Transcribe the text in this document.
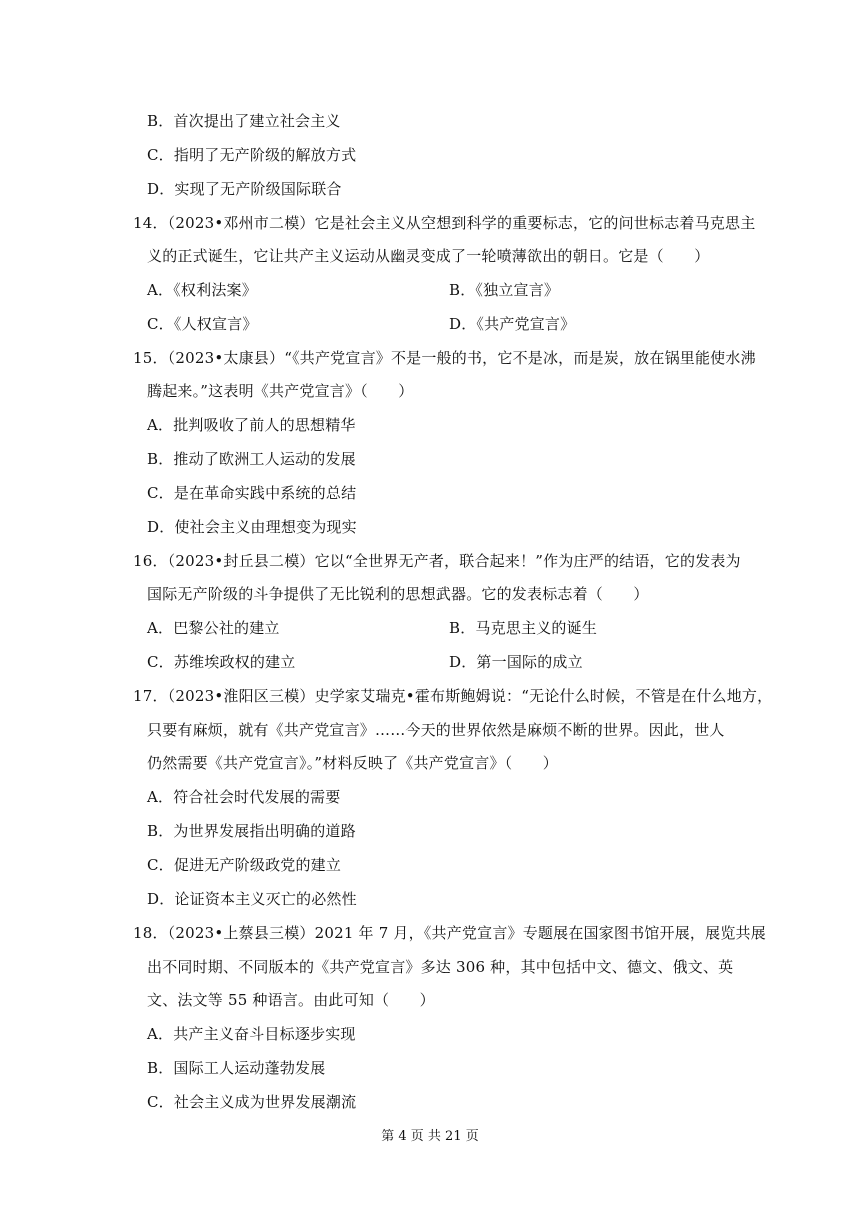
B．首次提出了建立社会主义
C．指明了无产阶级的解放方式
D．实现了无产阶级国际联合
14．（2023•邓州市二模）它是社会主义从空想到科学的重要标志，它的问世标志着马克思主
义的正式诞生，它让共产主义运动从幽灵变成了一轮喷薄欲出的朝日。它是（　　）
A．《权利法案》	B．《独立宣言》
C．《人权宣言》	D．《共产党宣言》
15．（2023•太康县）“《共产党宣言》不是一般的书，它不是冰，而是炭，放在锅里能使水沸
腾起来。”这表明《共产党宣言》（　　）
A．批判吸收了前人的思想精华
B．推动了欧洲工人运动的发展
C．是在革命实践中系统的总结
D．使社会主义由理想变为现实
16．（2023•封丘县二模）它以“全世界无产者，联合起来！”作为庄严的结语，它的发表为
国际无产阶级的斗争提供了无比锐利的思想武器。它的发表标志着（　　）
A．巴黎公社的建立	B．马克思主义的诞生
C．苏维埃政权的建立	D．第一国际的成立
17．（2023•淮阳区三模）史学家艾瑞克•霍布斯鲍姆说：“无论什么时候，不管是在什么地方，
只要有麻烦，就有《共产党宣言》……今天的世界依然是麻烦不断的世界。因此，世人
仍然需要《共产党宣言》。”材料反映了《共产党宣言》（　　）
A．符合社会时代发展的需要
B．为世界发展指出明确的道路
C．促进无产阶级政党的建立
D．论证资本主义灭亡的必然性
18．（2023•上蔡县三模）2021 年 7 月，《共产党宣言》专题展在国家图书馆开展，展览共展
出不同时期、不同版本的《共产党宣言》多达 306 种，其中包括中文、德文、俄文、英
文、法文等 55 种语言。由此可知（　　）
A．共产主义奋斗目标逐步实现
B．国际工人运动蓬勃发展
C．社会主义成为世界发展潮流
第 4 页 共 21 页
